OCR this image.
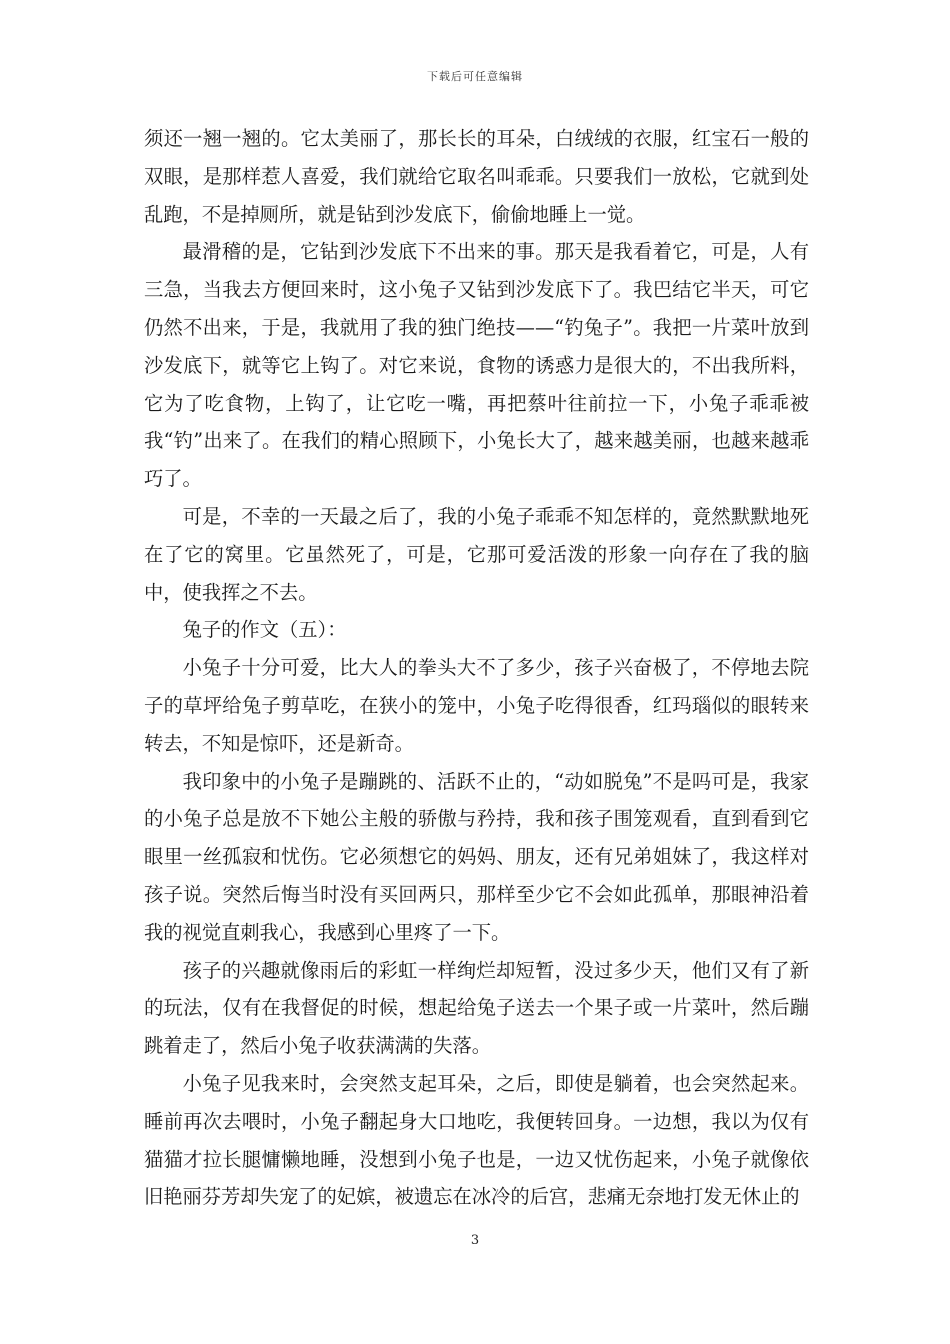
下载后可任意编辑

须还一翘一翘的。它太美丽了，那长长的耳朵，白绒绒的衣服，红宝石一般的双眼，是那样惹人喜爱，我们就给它取名叫乖乖。只要我们一放松，它就到处乱跑，不是掉厕所，就是钻到沙发底下，偷偷地睡上一觉。

最滑稽的是，它钻到沙发底下不出来的事。那天是我看着它，可是，人有三急，当我去方便回来时，这小兔子又钻到沙发底下了。我巴结它半天，可它仍然不出来，于是，我就用了我的独门绝技——“钓兔子”。我把一片菜叶放到沙发底下，就等它上钩了。对它来说，食物的诱惑力是很大的，不出我所料，它为了吃食物，上钩了，让它吃一嘴，再把蔡叶往前拉一下，小兔子乖乖被我“钓”出来了。在我们的精心照顾下，小兔长大了，越来越美丽，也越来越乖巧了。

可是，不幸的一天最之后了，我的小兔子乖乖不知怎样的，竟然默默地死在了它的窝里。它虽然死了，可是，它那可爱活泼的形象一向存在了我的脑中，使我挥之不去。

兔子的作文（五）：

小兔子十分可爱，比大人的拳头大不了多少，孩子兴奋极了，不停地去院子的草坪给兔子剪草吃，在狭小的笼中，小兔子吃得很香，红玛瑙似的眼转来转去，不知是惊吓，还是新奇。

我印象中的小兔子是蹦跳的、活跃不止的，“动如脱兔”不是吗可是，我家的小兔子总是放不下她公主般的骄傲与矜持，我和孩子围笼观看，直到看到它眼里一丝孤寂和忧伤。它必须想它的妈妈、朋友，还有兄弟姐妹了，我这样对孩子说。突然后悔当时没有买回两只，那样至少它不会如此孤单，那眼神沿着我的视觉直刺我心，我感到心里疼了一下。

孩子的兴趣就像雨后的彩虹一样绚烂却短暂，没过多少天，他们又有了新的玩法，仅有在我督促的时候，想起给兔子送去一个果子或一片菜叶，然后蹦跳着走了，然后小兔子收获满满的失落。

小兔子见我来时，会突然支起耳朵，之后，即使是躺着，也会突然起来。睡前再次去喂时，小兔子翻起身大口地吃，我便转回身。一边想，我以为仅有猫猫才拉长腿慵懒地睡，没想到小兔子也是，一边又忧伤起来，小兔子就像依旧艳丽芬芳却失宠了的妃嫔，被遗忘在冰冷的后宫，悲痛无奈地打发无休止的

3
